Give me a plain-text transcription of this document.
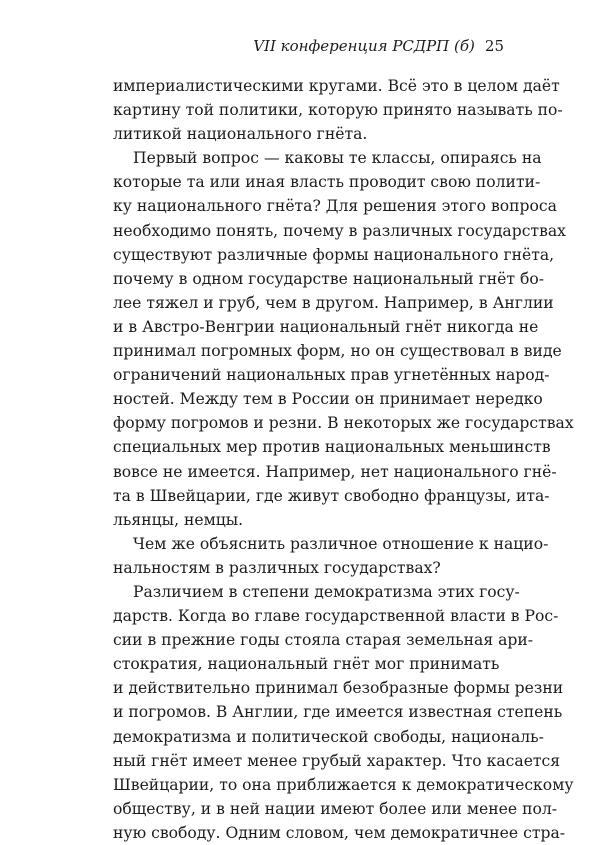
VII конференция РСДРП (б) 25
империалистическими кругами. Всё это в целом даёт
картину той политики, которую принято называть по-
литикой национального гнёта.
Первый вопрос — каковы те классы, опираясь на
которые та или иная власть проводит свою полити-
ку национального гнёта? Для решения этого вопроса
необходимо понять, почему в различных государствах
существуют различные формы национального гнёта,
почему в одном государстве национальный гнёт бо-
лее тяжел и груб, чем в другом. Например, в Англии
и в Австро-Венгрии национальный гнёт никогда не
принимал погромных форм, но он существовал в виде
ограничений национальных прав угнетённых народ-
ностей. Между тем в России он принимает нередко
форму погромов и резни. В некоторых же государствах
специальных мер против национальных меньшинств
вовсе не имеется. Например, нет национального гнё-
та в Швейцарии, где живут свободно французы, ита-
льянцы, немцы.
Чем же объяснить различное отношение к нацио-
нальностям в различных государствах?
Различием в степени демократизма этих госу-
дарств. Когда во главе государственной власти в Рос-
сии в прежние годы стояла старая земельная ари-
стократия, национальный гнёт мог принимать
и действительно принимал безобразные формы резни
и погромов. В Англии, где имеется известная степень
демократизма и политической свободы, националь-
ный гнёт имеет менее грубый характер. Что касается
Швейцарии, то она приближается к демократическому
обществу, и в ней нации имеют более или менее пол-
ную свободу. Одним словом, чем демократичнее стра-
